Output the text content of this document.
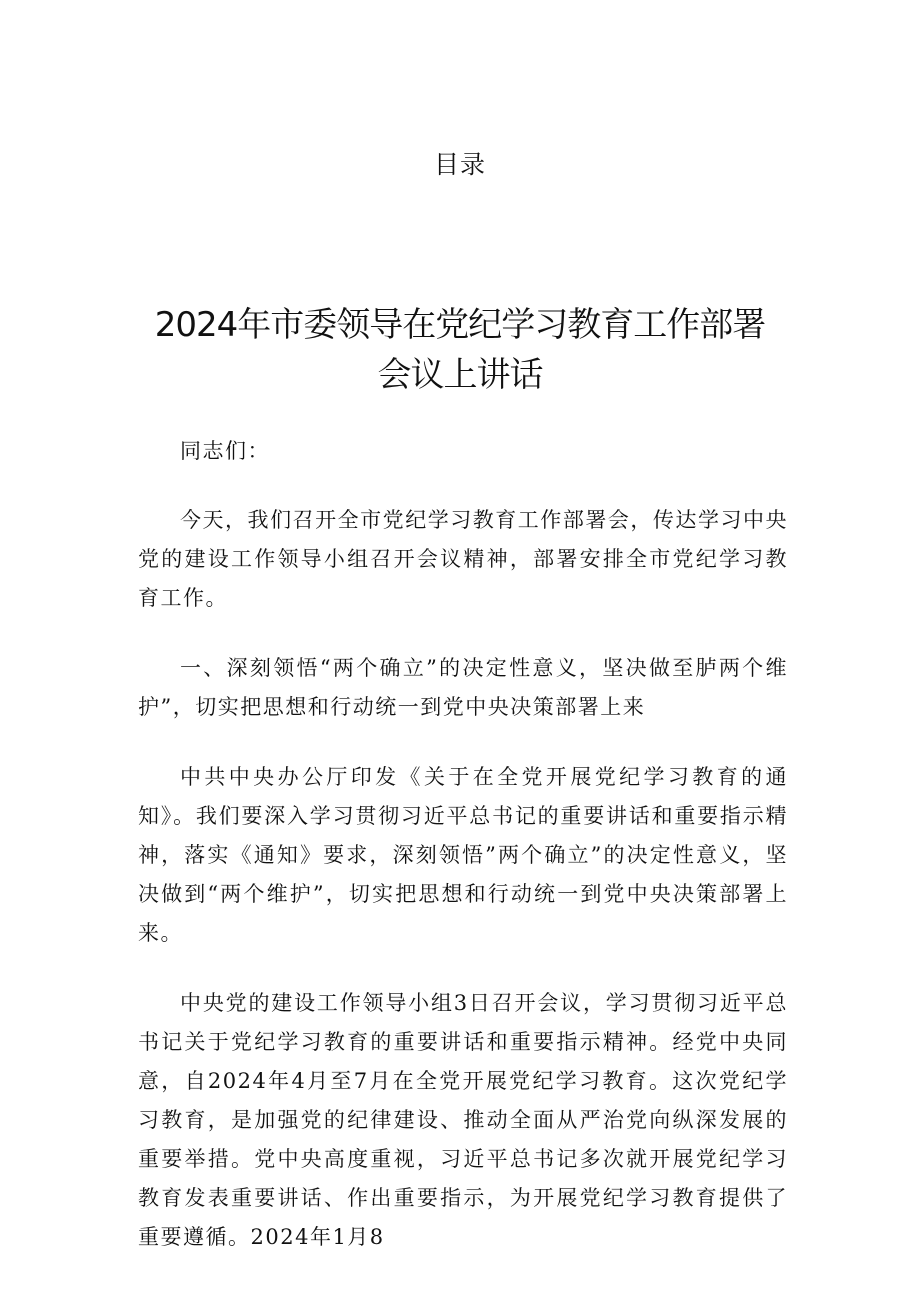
目录
2024年市委领导在党纪学习教育工作部署
会议上讲话

同志们：

今天，我们召开全市党纪学习教育工作部署会，传达学习中央党的建设工作领导小组召开会议精神，部署安排全市党纪学习教育工作。

一、深刻领悟“两个确立”的决定性意义，坚决做至胪两个维护”，切实把思想和行动统一到党中央决策部署上来

中共中央办公厅印发《关于在全党开展党纪学习教育的通知》。我们要深入学习贯彻习近平总书记的重要讲话和重要指示精神，落实《通知》要求，深刻领悟”两个确立”的决定性意义，坚决做到“两个维护”，切实把思想和行动统一到党中央决策部署上来。

中央党的建设工作领导小组3日召开会议，学习贯彻习近平总书记关于党纪学习教育的重要讲话和重要指示精神。经党中央同意，自2024年4月至7月在全党开展党纪学习教育。这次党纪学习教育，是加强党的纪律建设、推动全面从严治党向纵深发展的重要举措。党中央高度重视，习近平总书记多次就开展党纪学习教育发表重要讲话、作出重要指示，为开展党纪学习教育提供了重要遵循。2024年1月8
